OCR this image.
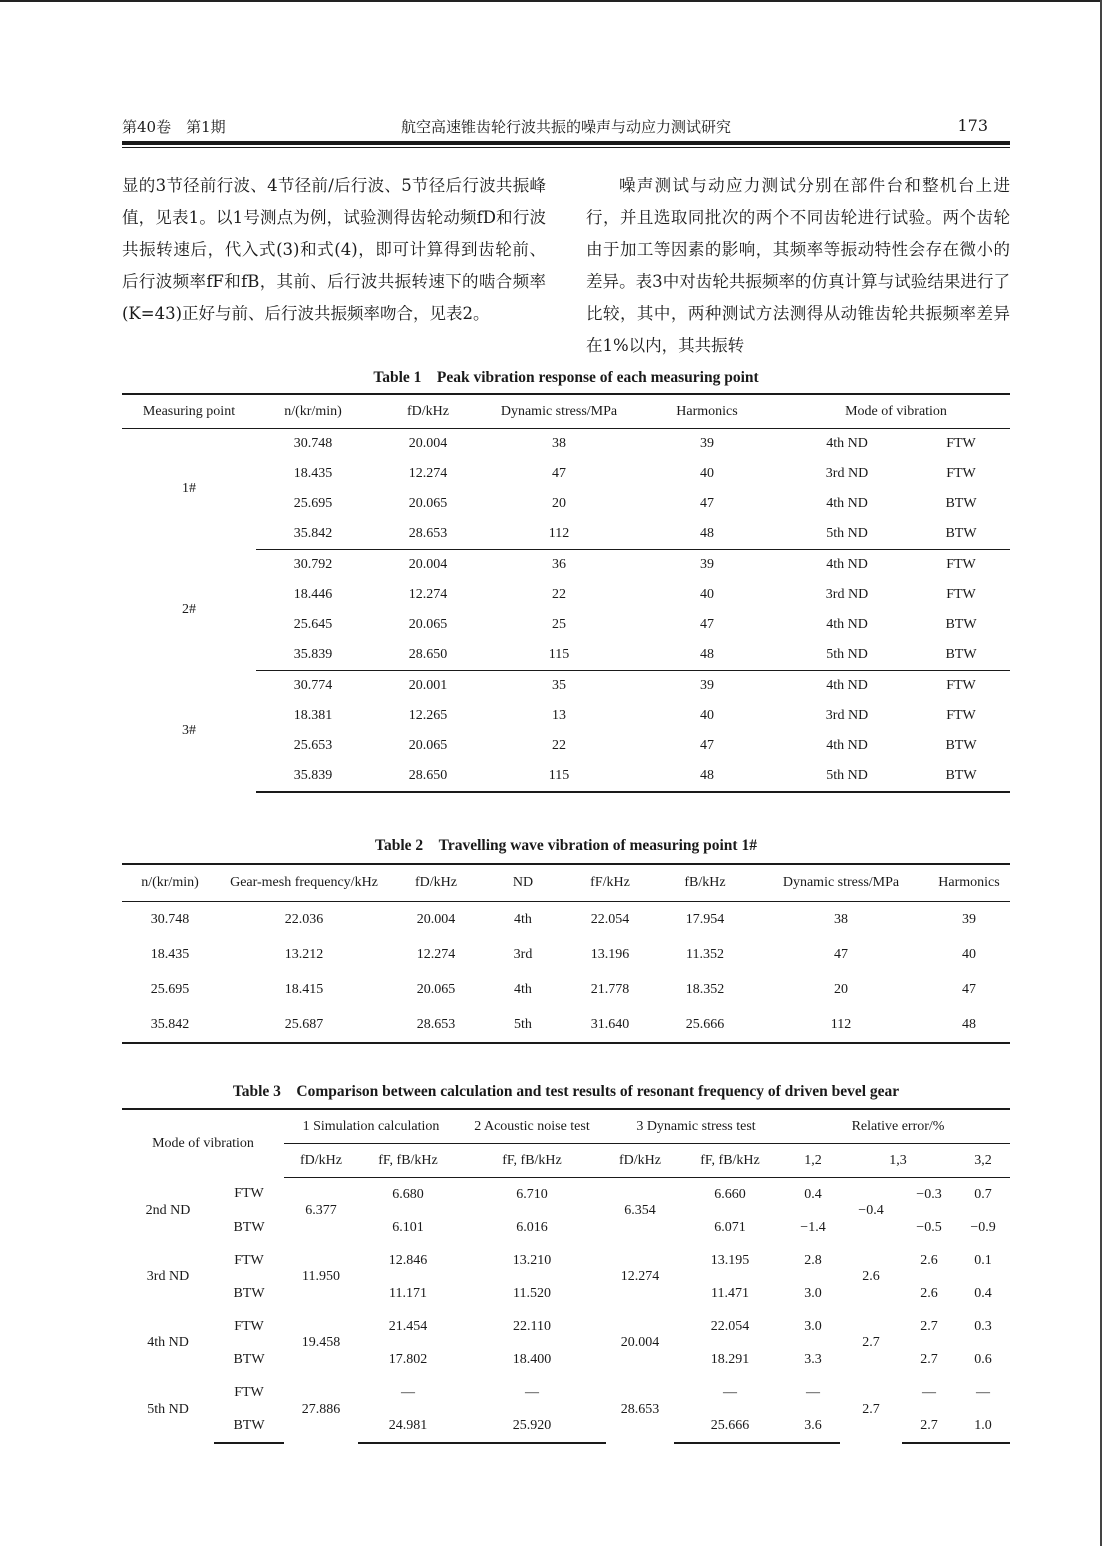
第40卷　第1期	航空高速锥齿轮行波共振的噪声与动应力测试研究	173

显的3节径前行波、4节径前/后行波、5节径后行波共振峰值，见表1。以1号测点为例，试验测得齿轮动频fD和行波共振转速后，代入式(3)和式(4)，即可计算得到齿轮前、后行波频率fF和fB，其前、后行波共振转速下的啮合频率(K=43)正好与前、后行波共振频率吻合，见表2。

噪声测试与动应力测试分别在部件台和整机台上进行，并且选取同批次的两个不同齿轮进行试验。两个齿轮由于加工等因素的影响，其频率等振动特性会存在微小的差异。表3中对齿轮共振频率的仿真计算与试验结果进行了比较，其中，两种测试方法测得从动锥齿轮共振频率差异在1%以内，其共振转

Table 1　Peak vibration response of each measuring point
Measuring point	n/(kr/min)	fD/kHz	Dynamic stress/MPa	Harmonics	Mode of vibration	
1#	30.748	20.004	38	39	4th ND	FTW
	18.435	12.274	47	40	3rd ND	FTW
	25.695	20.065	20	47	4th ND	BTW
	35.842	28.653	112	48	5th ND	BTW
2#	30.792	20.004	36	39	4th ND	FTW
	18.446	12.274	22	40	3rd ND	FTW
	25.645	20.065	25	47	4th ND	BTW
	35.839	28.650	115	48	5th ND	BTW
3#	30.774	20.001	35	39	4th ND	FTW
	18.381	12.265	13	40	3rd ND	FTW
	25.653	20.065	22	47	4th ND	BTW
	35.839	28.650	115	48	5th ND	BTW
Table 2　Travelling wave vibration of measuring point 1#
n/(kr/min)	Gear-mesh frequency/kHz	fD/kHz	ND	fF/kHz	fB/kHz	Dynamic stress/MPa	Harmonics
30.748	22.036	20.004	4th	22.054	17.954	38	39
18.435	13.212	12.274	3rd	13.196	11.352	47	40
25.695	18.415	20.065	4th	21.778	18.352	20	47
35.842	25.687	28.653	5th	31.640	25.666	112	48
Table 3　Comparison between calculation and test results of resonant frequency of driven bevel gear
Mode of vibration		1 Simulation calculation		2 Acoustic noise test	3 Dynamic stress test		Relative error/%			
		fD/kHz	fF, fB/kHz	fF, fB/kHz	fD/kHz	fF, fB/kHz	1,2	1,3		3,2
2nd ND	FTW	6.377	6.680	6.710	6.354	6.660	0.4	−0.4	−0.3	0.7
	BTW		6.101	6.016		6.071	−1.4		−0.5	−0.9
3rd ND	FTW	11.950	12.846	13.210	12.274	13.195	2.8	2.6	2.6	0.1
	BTW		11.171	11.520		11.471	3.0		2.6	0.4
4th ND	FTW	19.458	21.454	22.110	20.004	22.054	3.0	2.7	2.7	0.3
	BTW		17.802	18.400		18.291	3.3		2.7	0.6
5th ND	FTW	27.886	—	—	28.653	—	—	2.7	—	—
	BTW		24.981	25.920		25.666	3.6		2.7	1.0
